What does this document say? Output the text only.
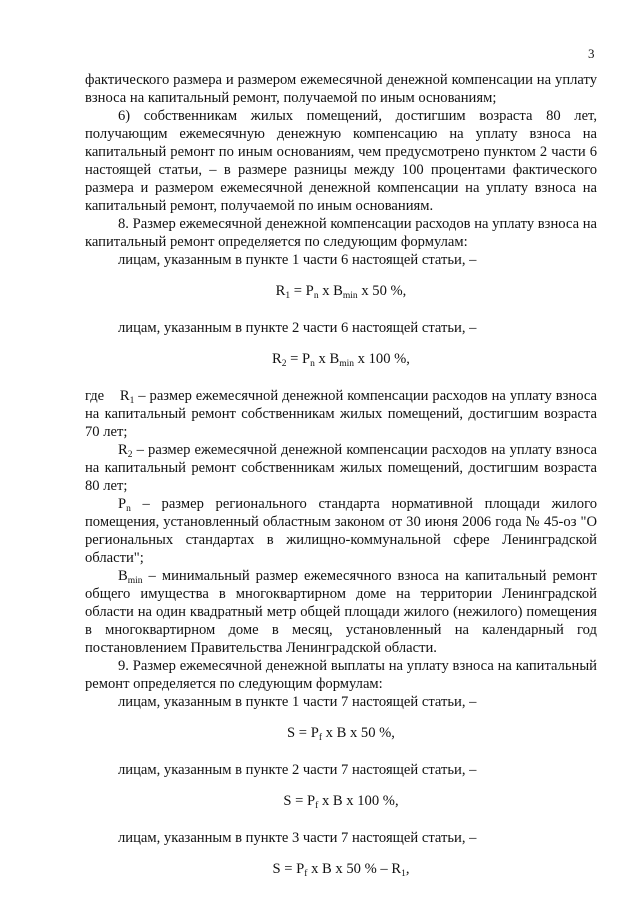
3

фактического размера и размером ежемесячной денежной компенсации на уплату взноса на капитальный ремонт, получаемой по иным основаниям;

6) собственникам жилых помещений, достигшим возраста 80 лет, получающим ежемесячную денежную компенсацию на уплату взноса на капитальный ремонт по иным основаниям, чем предусмотрено пунктом 2 части 6 настоящей статьи, – в размере разницы между 100 процентами фактического размера и размером ежемесячной денежной компенсации на уплату взноса на капитальный ремонт, получаемой по иным основаниям.

8. Размер ежемесячной денежной компенсации расходов на уплату взноса на капитальный ремонт определяется по следующим формулам:

лицам, указанным в пункте 1 части 6 настоящей статьи, –

$R_1 = P_n$ x $B_{min}$ x 50 %,

лицам, указанным в пункте 2 части 6 настоящей статьи, –

$R_2 = P_n$ x $B_{min}$ x 100 %,

где $R_1$ – размер ежемесячной денежной компенсации расходов на уплату взноса на капитальный ремонт собственникам жилых помещений, достигшим возраста 70 лет;

$R_2$ – размер ежемесячной денежной компенсации расходов на уплату взноса на капитальный ремонт собственникам жилых помещений, достигшим возраста 80 лет;

$P_n$ – размер регионального стандарта нормативной площади жилого помещения, установленный областным законом от 30 июня 2006 года № 45-оз "О региональных стандартах в жилищно-коммунальной сфере Ленинградской области";

$B_{min}$ – минимальный размер ежемесячного взноса на капитальный ремонт общего имущества в многоквартирном доме на территории Ленинградской области на один квадратный метр общей площади жилого (нежилого) помещения в многоквартирном доме в месяц, установленный на календарный год постановлением Правительства Ленинградской области.

9. Размер ежемесячной денежной выплаты на уплату взноса на капитальный ремонт определяется по следующим формулам:

лицам, указанным в пункте 1 части 7 настоящей статьи, –

$S = P_f$ x B x 50 %,

лицам, указанным в пункте 2 части 7 настоящей статьи, –

$S = P_f$ x B x 100 %,

лицам, указанным в пункте 3 части 7 настоящей статьи, –

$S = P_f$ x B x 50 % – $R_1$,
